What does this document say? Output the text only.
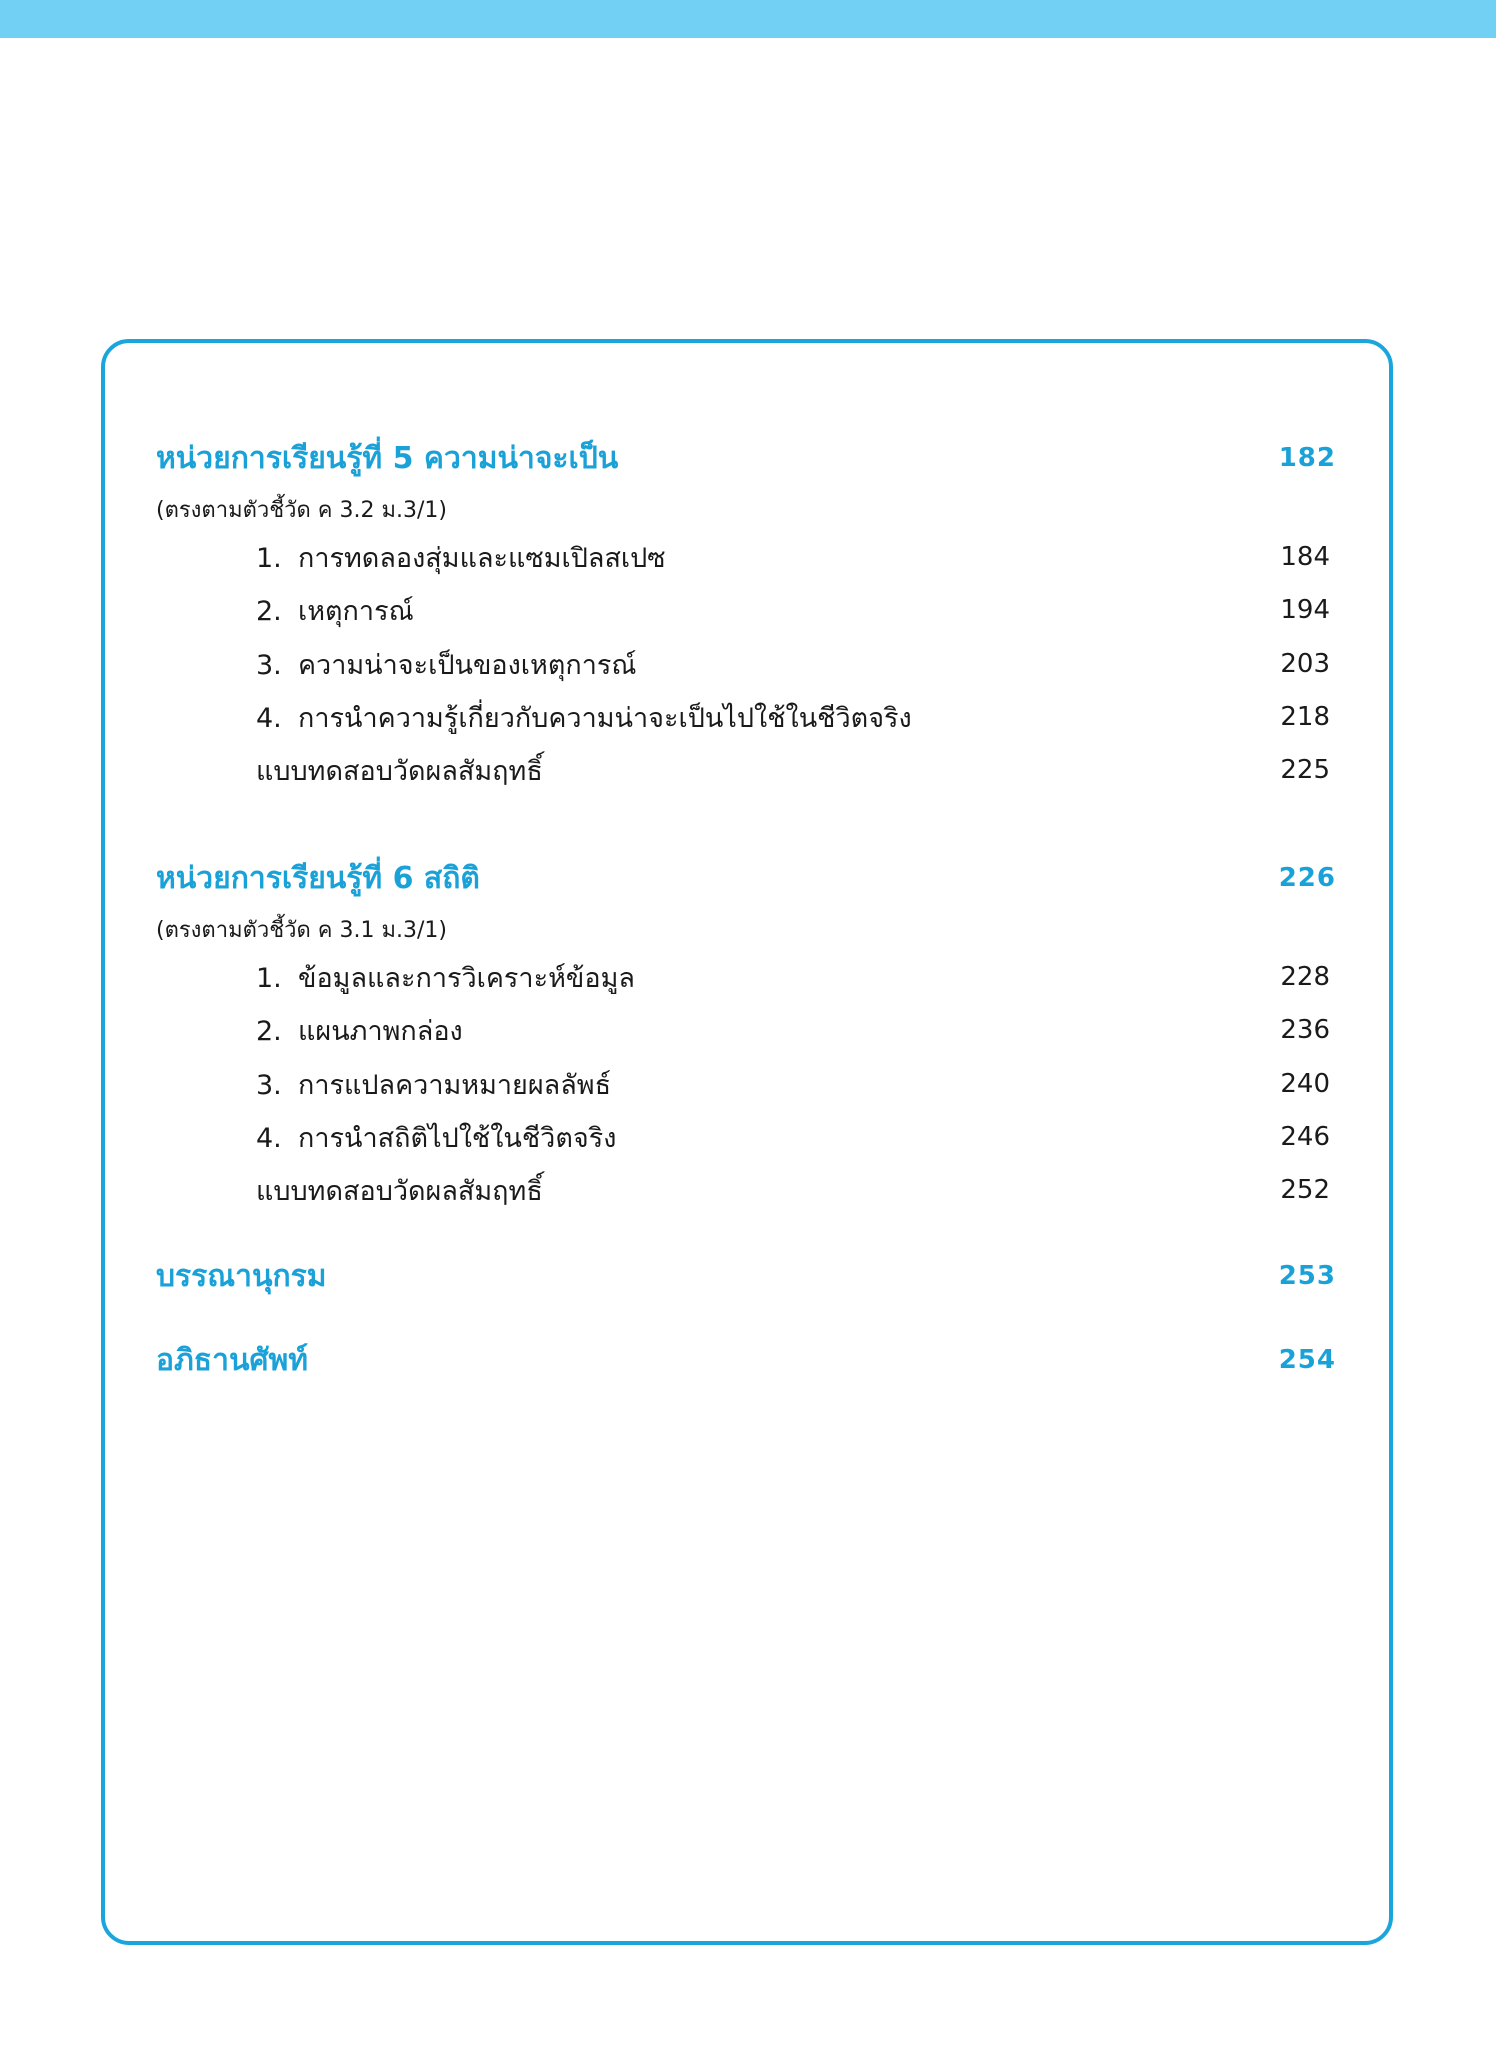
หน่วยการเรียนรู้ที่ 5 ความน่าจะเป็น	182
(ตรงตามตัวชี้วัด ค 3.2 ม.3/1)
1. การทดลองสุ่มและแซมเปิลสเปซ	184
2. เหตุการณ์	194
3. ความน่าจะเป็นของเหตุการณ์	203
4. การนำความรู้เกี่ยวกับความน่าจะเป็นไปใช้ในชีวิตจริง	218
แบบทดสอบวัดผลสัมฤทธิ์	225
หน่วยการเรียนรู้ที่ 6 สถิติ	226
(ตรงตามตัวชี้วัด ค 3.1 ม.3/1)
1. ข้อมูลและการวิเคราะห์ข้อมูล	228
2. แผนภาพกล่อง	236
3. การแปลความหมายผลลัพธ์	240
4. การนำสถิติไปใช้ในชีวิตจริง	246
แบบทดสอบวัดผลสัมฤทธิ์	252
บรรณานุกรม	253
อภิธานศัพท์	254
